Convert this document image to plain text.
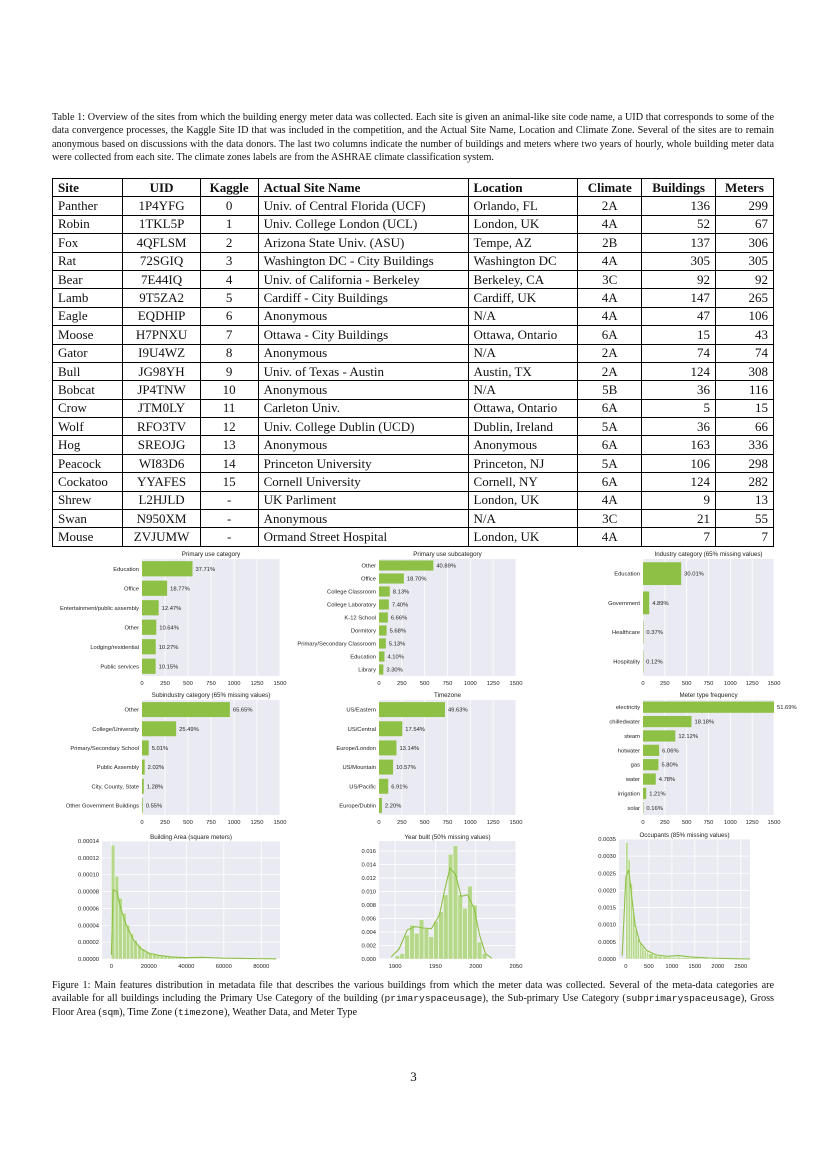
Table 1: Overview of the sites from which the building energy meter data was collected. Each site is given an animal-like site code name, a UID that corresponds to some of the data convergence processes, the Kaggle Site ID that was included in the competition, and the Actual Site Name, Location and Climate Zone. Several of the sites are to remain anonymous based on discussions with the data donors. The last two columns indicate the number of buildings and meters where two years of hourly, whole building meter data were collected from each site. The climate zones labels are from the ASHRAE climate classification system.
Site	UID	Kaggle	Actual Site Name	Location	Climate	Buildings	Meters
Panther	1P4YFG	0	Univ. of Central Florida (UCF)	Orlando, FL	2A	136	299
Robin	1TKL5P	1	Univ. College London (UCL)	London, UK	4A	52	67
Fox	4QFLSM	2	Arizona State Univ. (ASU)	Tempe, AZ	2B	137	306
Rat	72SGIQ	3	Washington DC - City Buildings	Washington DC	4A	305	305
Bear	7E44IQ	4	Univ. of California - Berkeley	Berkeley, CA	3C	92	92
Lamb	9T5ZA2	5	Cardiff - City Buildings	Cardiff, UK	4A	147	265
Eagle	EQDHIP	6	Anonymous	N/A	4A	47	106
Moose	H7PNXU	7	Ottawa - City Buildings	Ottawa, Ontario	6A	15	43
Gator	I9U4WZ	8	Anonymous	N/A	2A	74	74
Bull	JG98YH	9	Univ. of Texas - Austin	Austin, TX	2A	124	308
Bobcat	JP4TNW	10	Anonymous	N/A	5B	36	116
Crow	JTM0LY	11	Carleton Univ.	Ottawa, Ontario	6A	5	15
Wolf	RFO3TV	12	Univ. College Dublin (UCD)	Dublin, Ireland	5A	36	66
Hog	SREOJG	13	Anonymous	Anonymous	6A	163	336
Peacock	WI83D6	14	Princeton University	Princeton, NJ	5A	106	298
Cockatoo	YYAFES	15	Cornell University	Cornell, NY	6A	124	282
Shrew	L2HJLD	-	UK Parliment	London, UK	4A	9	13
Swan	N950XM	-	Anonymous	N/A	3C	21	55
Mouse	ZVJUMW	-	Ormand Street Hospital	London, UK	4A	7	7
0	250 500 750 1000 1250 1500
Primary use category
Education	37.71%
Office	18.77%
Entertainment/public assembly	12.47%
Other	10.64%
Lodging/residential	10.27%
Public services	10.15%
0	250 500 750 1000 1250 1500
Primary use subcategory
Other	40.89%
Office	18.70%
College Classroom	8.13%
College Laboratory	7.40%
K-12 School	6.66%
Dormitory 5.68%
Primary/Secondary Classroom 5.13%
Education 4.10%
Library 3.30%
0	250 500 750 1000 1250 1500
Industry category (65% missing values)
Education	30.01%
Government 4.89%
Healthcare 0.37%
Hospitality 0.12%
0	250 500 750 1000 1250 1500
Subindustry category (65% missing values)
Other	65.65%
College/University	25.49%
Primary/Secondary School 5.01%
Public Assembly 2.02%
City, County, State 1.28%
Other Government Buildings 0.55%
0	250 500 750 1000 1250 1500
Timezone
US/Eastern	49.63%
US/Central	17.54%
Europe/London	13.14%
US/Mountain	10.57%
US/Pacific	6.91%
Europe/Dublin 2.20%
0	250 500 750 1000 1250 1500
Meter type frequency
electricity	51.69%
chilledwater	18.18%
steam	12.12%
hotwater	6.06%
gas	5.80%
water	4.78%
irrigation 1.21%
solar 0.16%
0.00000
0.00002
0.00004
0.00006
0.00008
0.00010
0.00012
0.00014
0	20000	40000	60000	80000
Building Area (square meters)
0.000
0.002
0.004
0.006
0.008
0.010
0.012
0.014
0.016
1900	1950	2000	2050
Year built (50% missing values)
0.0000
0.0005
0.0010
0.0015
0.0020
0.0025
0.0030
0.0035
0	500 1000 1500 2000 2500
Occupants (85% missing values)
Figure 1: Main features distribution in metadata file that describes the various buildings from which the meter data was collected. Several of the meta-data categories are available for all buildings including the Primary Use Category of the building (primaryspaceusage), the Sub-primary Use Category (subprimaryspaceusage), Gross Floor Area (sqm), Time Zone (timezone), Weather Data, and Meter Type
3
